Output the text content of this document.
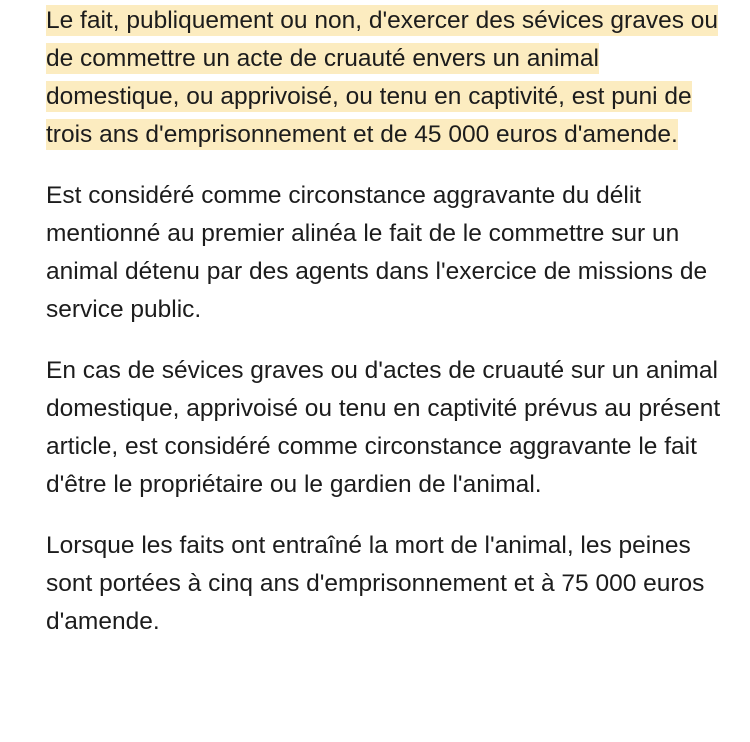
Le fait, publiquement ou non, d'exercer des sévices graves ou de commettre un acte de cruauté envers un animal domestique, ou apprivoisé, ou tenu en captivité, est puni de trois ans d'emprisonnement et de 45 000 euros d'amende.

Est considéré comme circonstance aggravante du délit mentionné au premier alinéa le fait de le commettre sur un animal détenu par des agents dans l'exercice de missions de service public.

En cas de sévices graves ou d'actes de cruauté sur un animal domestique, apprivoisé ou tenu en captivité prévus au présent article, est considéré comme circonstance aggravante le fait d'être le propriétaire ou le gardien de l'animal.

Lorsque les faits ont entraîné la mort de l'animal, les peines sont portées à cinq ans d'emprisonnement et à 75 000 euros d'amende.
